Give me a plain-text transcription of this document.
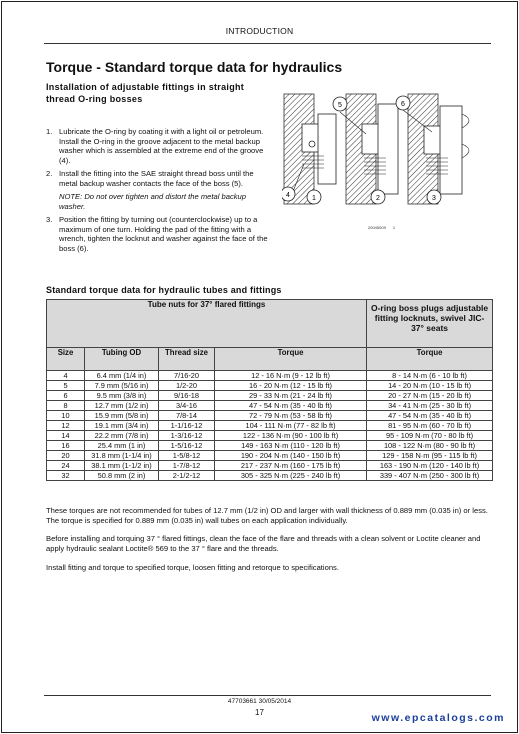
INTRODUCTION
Torque - Standard torque data for hydraulics
Installation of adjustable fittings in straight thread O-ring bosses
1. Lubricate the O-ring by coating it with a light oil or petroleum. Install the O-ring in the groove adjacent to the metal backup washer which is assembled at the extreme end of the groove (4).
2. Install the fitting into the SAE straight thread boss until the metal backup washer contacts the face of the boss (5).
NOTE: Do not over tighten and distort the metal backup washer.
3. Position the fitting by turning out (counterclockwise) up to a maximum of one turn. Holding the pad of the fitting with a wrench, tighten the locknut and washer against the face of the boss (6).
1	2	3
4
5	6
20045009 1
Standard torque data for hydraulic tubes and fittings
Tube nuts for 37° flared fittings				O-ring boss plugs adjustable fitting locknuts, swivel JIC- 37° seats
Size	Tubing OD	Thread size	Torque	Torque
4	6.4 mm (1/4 in)	7/16-20	12 - 16 N·m (9 - 12 lb ft)	8 - 14 N·m (6 - 10 lb ft)
5	7.9 mm (5/16 in)	1/2-20	16 - 20 N·m (12 - 15 lb ft)	14 - 20 N·m (10 - 15 lb ft)
6	9.5 mm (3/8 in)	9/16-18	29 - 33 N·m (21 - 24 lb ft)	20 - 27 N·m (15 - 20 lb ft)
8	12.7 mm (1/2 in)	3/4-16	47 - 54 N·m (35 - 40 lb ft)	34 - 41 N·m (25 - 30 lb ft)
10	15.9 mm (5/8 in)	7/8-14	72 - 79 N·m (53 - 58 lb ft)	47 - 54 N·m (35 - 40 lb ft)
12	19.1 mm (3/4 in)	1-1/16-12	104 - 111 N·m (77 - 82 lb ft)	81 - 95 N·m (60 - 70 lb ft)
14	22.2 mm (7/8 in)	1-3/16-12	122 - 136 N·m (90 - 100 lb ft)	95 - 109 N·m (70 - 80 lb ft)
16	25.4 mm (1 in)	1-5/16-12	149 - 163 N·m (110 - 120 lb ft)	108 - 122 N·m (80 - 90 lb ft)
20	31.8 mm (1-1/4 in)	1-5/8-12	190 - 204 N·m (140 - 150 lb ft)	129 - 158 N·m (95 - 115 lb ft)
24	38.1 mm (1-1/2 in)	1-7/8-12	217 - 237 N·m (160 - 175 lb ft)	163 - 190 N·m (120 - 140 lb ft)
32	50.8 mm (2 in)	2-1/2-12	305 - 325 N·m (225 - 240 lb ft)	339 - 407 N·m (250 - 300 lb ft)
These torques are not recommended for tubes of 12.7 mm (1/2 in) OD and larger with wall thickness of 0.889 mm (0.035 in) or less. The torque is specified for 0.889 mm (0.035 in) wall tubes on each application individually.
Before installing and torquing 37 ° flared fittings, clean the face of the flare and threads with a clean solvent or Loctite cleaner and apply hydraulic sealant Loctite® 569 to the 37 ° flare and the threads.
Install fitting and torque to specified torque, loosen fitting and retorque to specifications.
47703661 30/05/2014
17	www.epcatalogs.com
